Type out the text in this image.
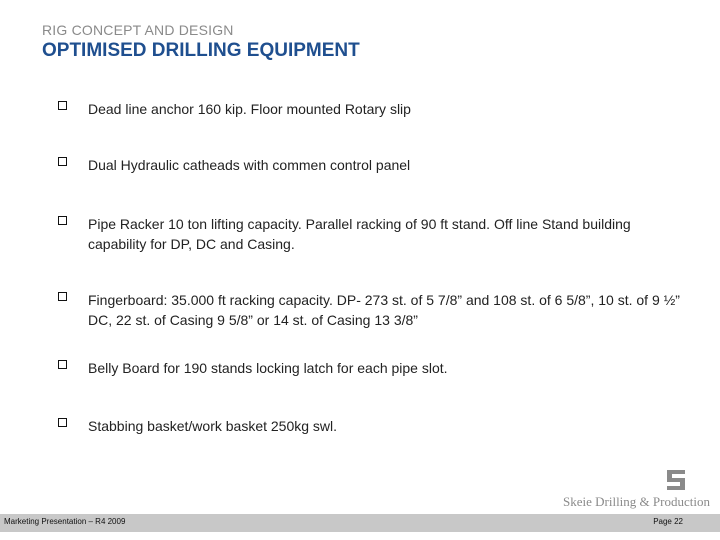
RIG CONCEPT AND DESIGN
OPTIMISED DRILLING EQUIPMENT
Dead line anchor 160 kip. Floor mounted Rotary slip
Dual Hydraulic catheads with commen control panel
Pipe Racker 10 ton lifting capacity. Parallel racking of 90 ft stand. Off line Stand building capability for DP, DC and Casing.
Fingerboard: 35.000 ft racking capacity. DP- 273 st. of 5 7/8” and 108 st. of 6 5/8”, 10 st. of 9 ½” DC, 22 st. of Casing 9 5/8” or 14 st. of Casing 13 3/8”
Belly Board for 190 stands locking latch for each pipe slot.
Stabbing basket/work basket 250kg swl.
Skeie Drilling & Production
Marketing Presentation – R4 2009	Page 22
